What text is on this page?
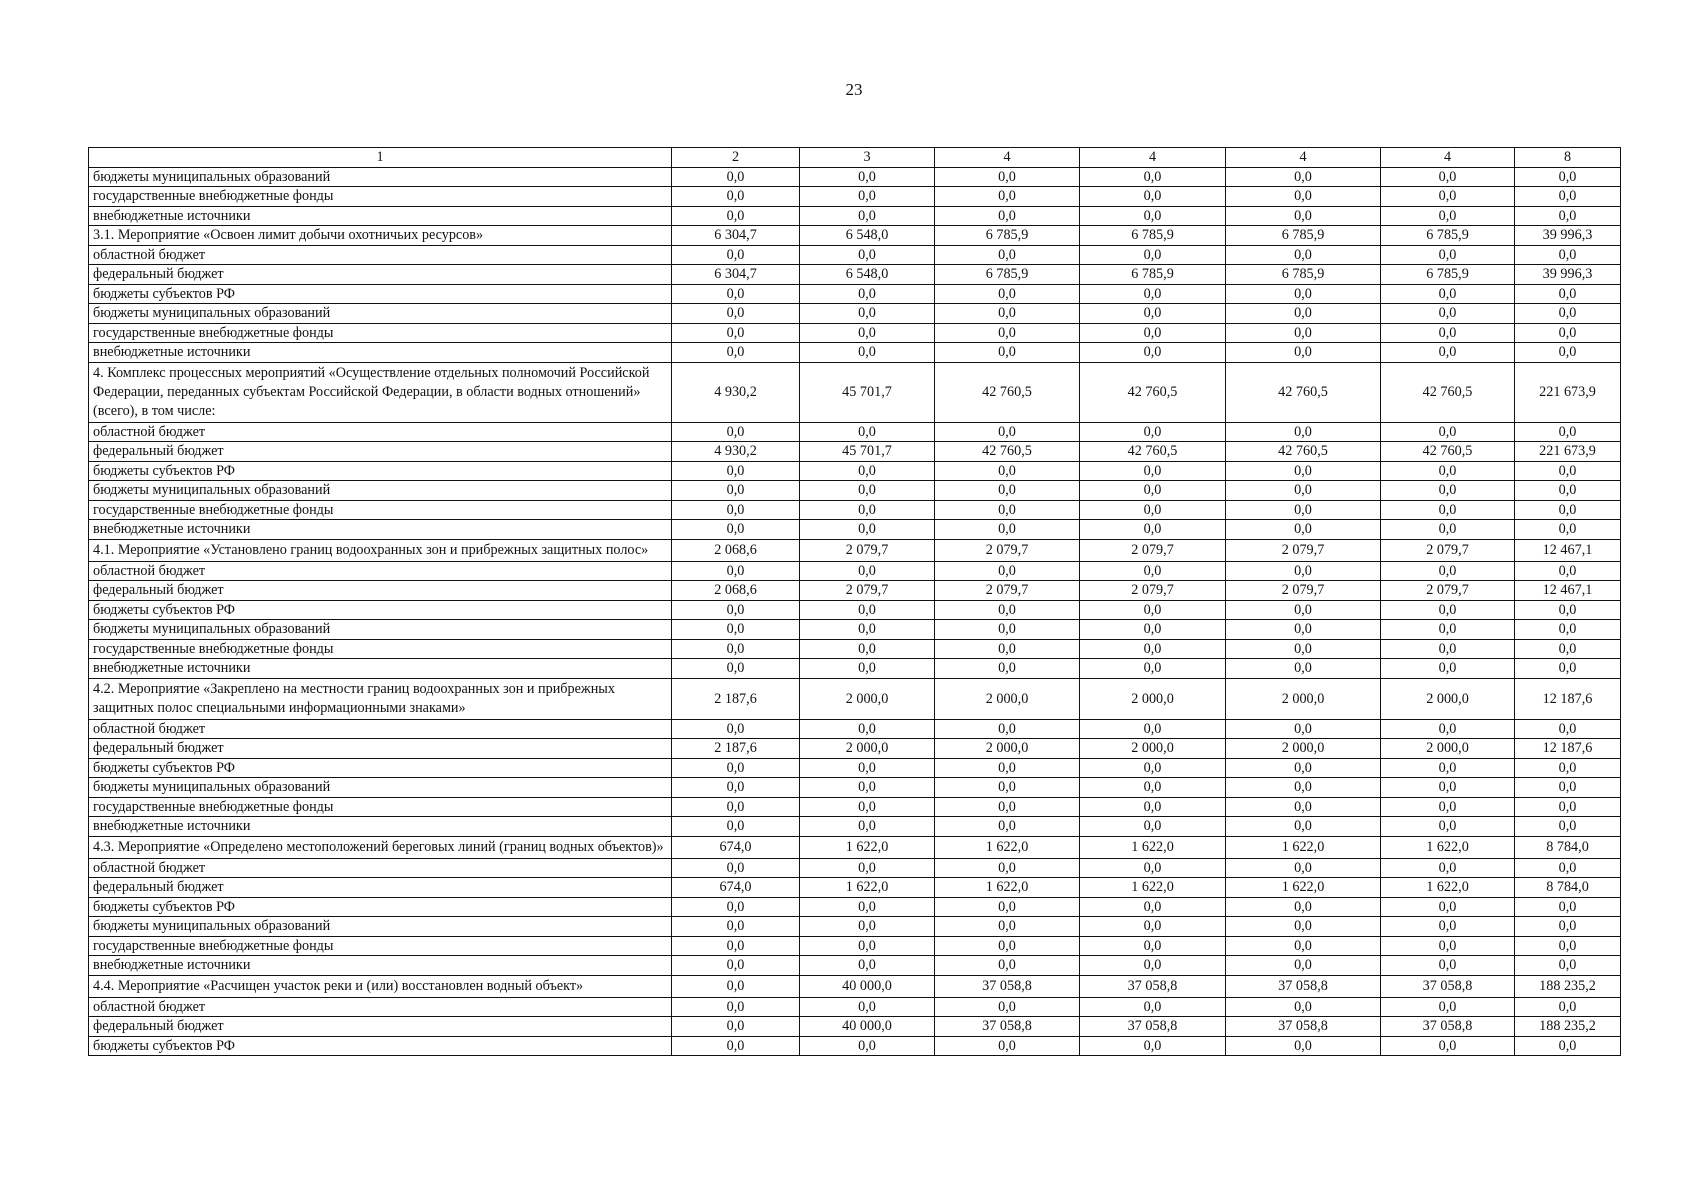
23
1	2	3	4	4	4	4	8
бюджеты муниципальных образований	0,0	0,0	0,0	0,0	0,0	0,0	0,0
государственные внебюджетные фонды	0,0	0,0	0,0	0,0	0,0	0,0	0,0
внебюджетные источники	0,0	0,0	0,0	0,0	0,0	0,0	0,0
3.1. Мероприятие «Освоен лимит добычи охотничьих ресурсов»	6 304,7	6 548,0	6 785,9	6 785,9	6 785,9	6 785,9	39 996,3
областной бюджет	0,0	0,0	0,0	0,0	0,0	0,0	0,0
федеральный бюджет	6 304,7	6 548,0	6 785,9	6 785,9	6 785,9	6 785,9	39 996,3
бюджеты субъектов РФ	0,0	0,0	0,0	0,0	0,0	0,0	0,0
бюджеты муниципальных образований	0,0	0,0	0,0	0,0	0,0	0,0	0,0
государственные внебюджетные фонды	0,0	0,0	0,0	0,0	0,0	0,0	0,0
внебюджетные источники	0,0	0,0	0,0	0,0	0,0	0,0	0,0
4. Комплекс процессных мероприятий «Осуществление отдельных полномочий Российской Федерации, переданных субъектам Российской Федерации, в области водных отношений» (всего), в том числе:	4 930,2	45 701,7	42 760,5	42 760,5	42 760,5	42 760,5	221 673,9
областной бюджет	0,0	0,0	0,0	0,0	0,0	0,0	0,0
федеральный бюджет	4 930,2	45 701,7	42 760,5	42 760,5	42 760,5	42 760,5	221 673,9
бюджеты субъектов РФ	0,0	0,0	0,0	0,0	0,0	0,0	0,0
бюджеты муниципальных образований	0,0	0,0	0,0	0,0	0,0	0,0	0,0
государственные внебюджетные фонды	0,0	0,0	0,0	0,0	0,0	0,0	0,0
внебюджетные источники	0,0	0,0	0,0	0,0	0,0	0,0	0,0
4.1. Мероприятие «Установлено границ водоохранных зон и прибрежных защитных полос»	2 068,6	2 079,7	2 079,7	2 079,7	2 079,7	2 079,7	12 467,1
областной бюджет	0,0	0,0	0,0	0,0	0,0	0,0	0,0
федеральный бюджет	2 068,6	2 079,7	2 079,7	2 079,7	2 079,7	2 079,7	12 467,1
бюджеты субъектов РФ	0,0	0,0	0,0	0,0	0,0	0,0	0,0
бюджеты муниципальных образований	0,0	0,0	0,0	0,0	0,0	0,0	0,0
государственные внебюджетные фонды	0,0	0,0	0,0	0,0	0,0	0,0	0,0
внебюджетные источники	0,0	0,0	0,0	0,0	0,0	0,0	0,0
4.2. Мероприятие «Закреплено на местности границ водоохранных зон и прибрежных защитных полос специальными информационными знаками»	2 187,6	2 000,0	2 000,0	2 000,0	2 000,0	2 000,0	12 187,6
областной бюджет	0,0	0,0	0,0	0,0	0,0	0,0	0,0
федеральный бюджет	2 187,6	2 000,0	2 000,0	2 000,0	2 000,0	2 000,0	12 187,6
бюджеты субъектов РФ	0,0	0,0	0,0	0,0	0,0	0,0	0,0
бюджеты муниципальных образований	0,0	0,0	0,0	0,0	0,0	0,0	0,0
государственные внебюджетные фонды	0,0	0,0	0,0	0,0	0,0	0,0	0,0
внебюджетные источники	0,0	0,0	0,0	0,0	0,0	0,0	0,0
4.3. Мероприятие «Определено местоположений береговых линий (границ водных объектов)»	674,0	1 622,0	1 622,0	1 622,0	1 622,0	1 622,0	8 784,0
областной бюджет	0,0	0,0	0,0	0,0	0,0	0,0	0,0
федеральный бюджет	674,0	1 622,0	1 622,0	1 622,0	1 622,0	1 622,0	8 784,0
бюджеты субъектов РФ	0,0	0,0	0,0	0,0	0,0	0,0	0,0
бюджеты муниципальных образований	0,0	0,0	0,0	0,0	0,0	0,0	0,0
государственные внебюджетные фонды	0,0	0,0	0,0	0,0	0,0	0,0	0,0
внебюджетные источники	0,0	0,0	0,0	0,0	0,0	0,0	0,0
4.4. Мероприятие «Расчищен участок реки и (или) восстановлен водный объект»	0,0	40 000,0	37 058,8	37 058,8	37 058,8	37 058,8	188 235,2
областной бюджет	0,0	0,0	0,0	0,0	0,0	0,0	0,0
федеральный бюджет	0,0	40 000,0	37 058,8	37 058,8	37 058,8	37 058,8	188 235,2
бюджеты субъектов РФ	0,0	0,0	0,0	0,0	0,0	0,0	0,0
